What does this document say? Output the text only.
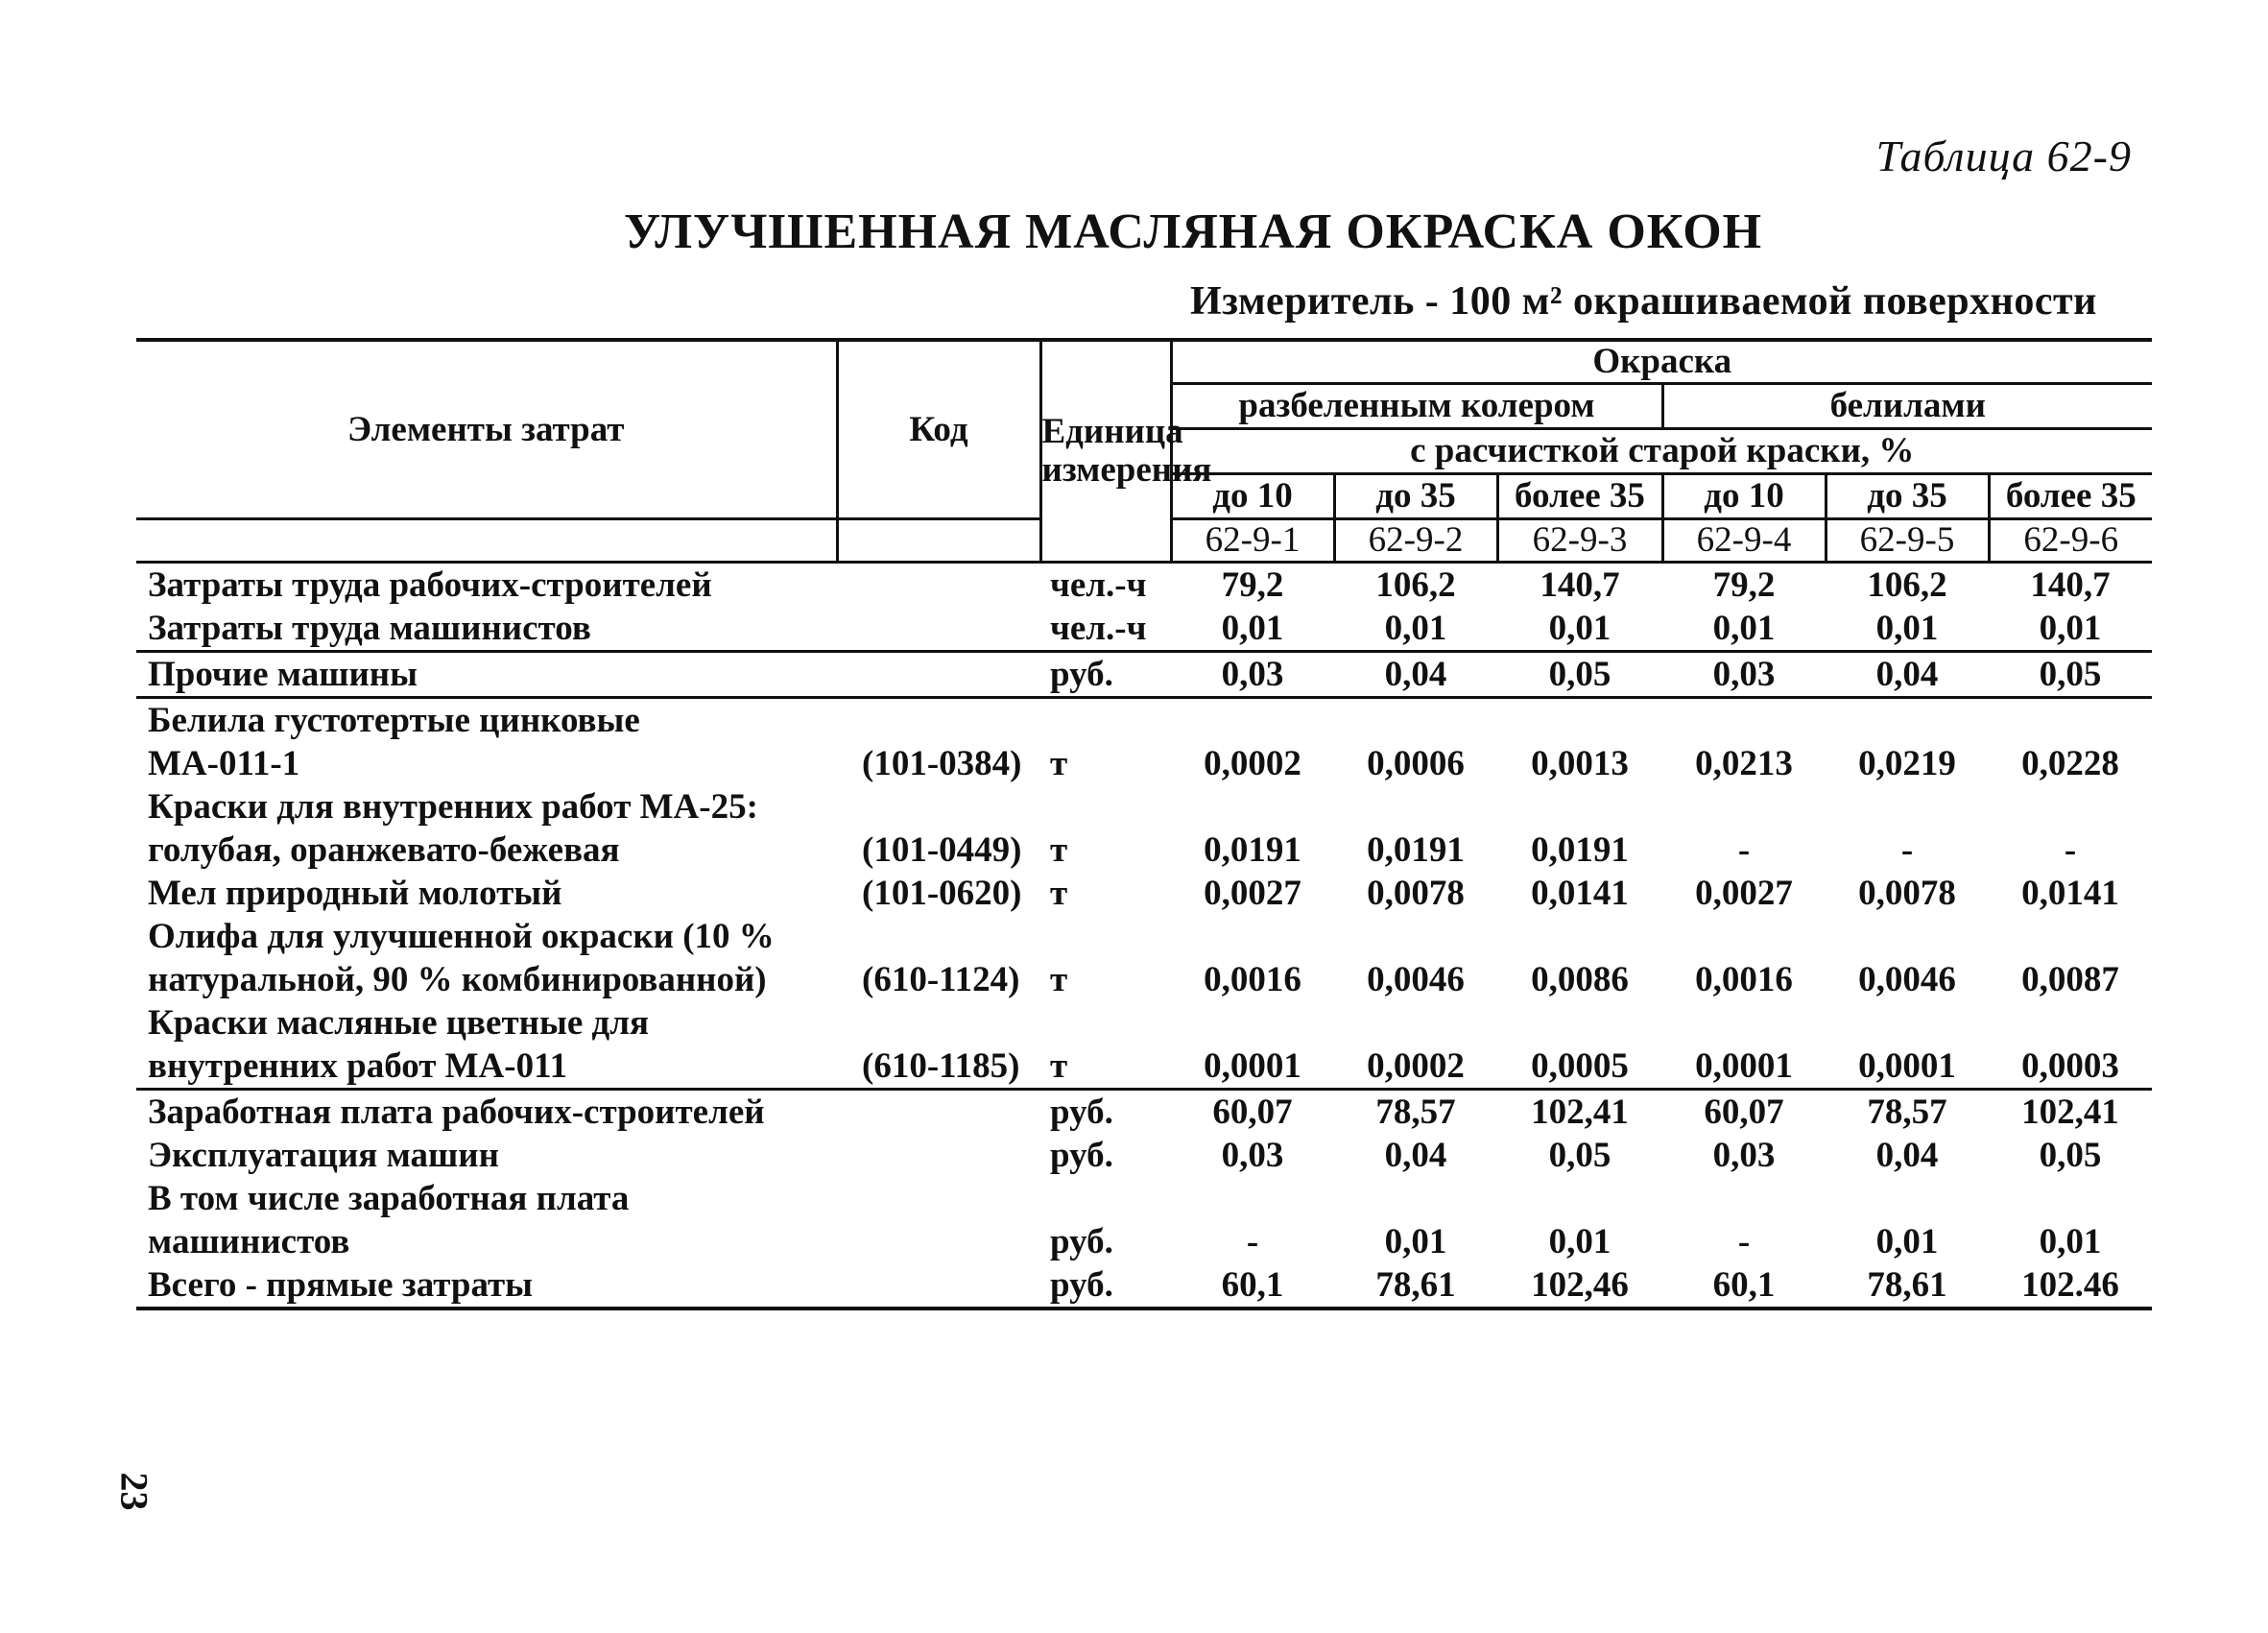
Таблица 62-9
УЛУЧШЕННАЯ МАСЛЯНАЯ ОКРАСКА ОКОН
Измеритель - 100 м² окрашиваемой поверхности
Элементы затрат	Код	Единица измерения	Окраска					
			разбеленным колером			белилами		
			с расчисткой старой краски, %					
			до 10	до 35	более 35	до 10	до 35	более 35
			62-9-1	62-9-2	62-9-3	62-9-4	62-9-5	62-9-6
Затраты труда рабочих-строителей		чел.-ч	79,2	106,2	140,7	79,2	106,2	140,7
Затраты труда машинистов		чел.-ч	0,01	0,01	0,01	0,01	0,01	0,01
Прочие машины		руб.	0,03	0,04	0,05	0,03	0,04	0,05
Белила густотертые цинковые								
МА-011-1	(101-0384)	т	0,0002	0,0006	0,0013	0,0213	0,0219	0,0228
Краски для внутренних работ МА-25:								
голубая, оранжевато-бежевая	(101-0449)	т	0,0191	0,0191	0,0191	-	-	-
Мел природный молотый	(101-0620)	т	0,0027	0,0078	0,0141	0,0027	0,0078	0,0141
Олифа для улучшенной окраски (10 %								
натуральной, 90 % комбинированной)	(610-1124)	т	0,0016	0,0046	0,0086	0,0016	0,0046	0,0087
Краски масляные цветные для								
внутренних работ МА-011	(610-1185)	т	0,0001	0,0002	0,0005	0,0001	0,0001	0,0003
Заработная плата рабочих-строителей		руб.	60,07	78,57	102,41	60,07	78,57	102,41
Эксплуатация машин		руб.	0,03	0,04	0,05	0,03	0,04	0,05
В том числе заработная плата								
машинистов		руб.	-	0,01	0,01	-	0,01	0,01
Всего - прямые затраты		руб.	60,1	78,61	102,46	60,1	78,61	102.46
23
